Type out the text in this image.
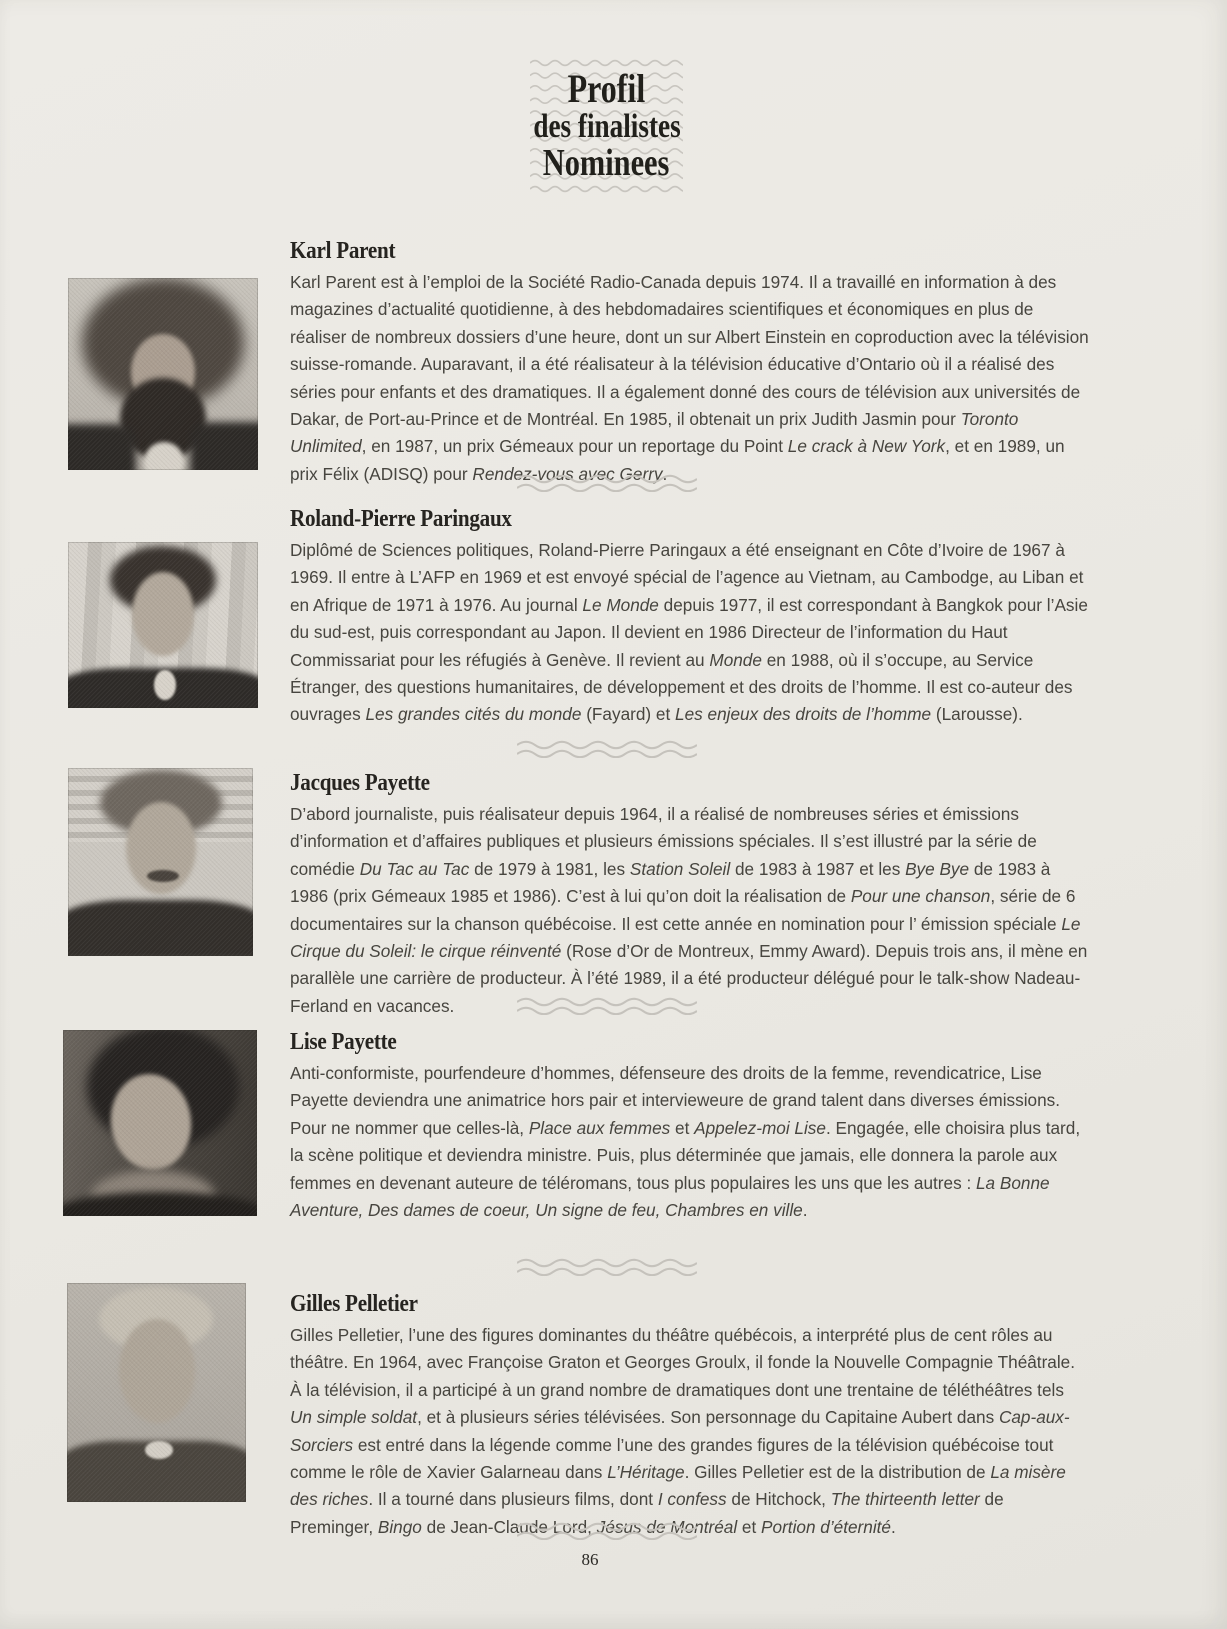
Profil
des finalistes
Nominees
Karl Parent

Karl Parent est à l’emploi de la Société Radio-Canada depuis 1974. Il a travaillé en information à des magazines d’actualité quotidienne, à des hebdomadaires scientifiques et économiques en plus de réaliser de nombreux dossiers d’une heure, dont un sur Albert Einstein en coproduction avec la télévision suisse-romande. Auparavant, il a été réalisateur à la télévision éducative d’Ontario où il a réalisé des séries pour enfants et des dramatiques. Il a également donné des cours de télévision aux universités de Dakar, de Port-au-Prince et de Montréal. En 1985, il obtenait un prix Judith Jasmin pour Toronto Unlimited, en 1987, un prix Gémeaux pour un reportage du Point Le crack à New York, et en 1989, un prix Félix (ADISQ) pour Rendez-vous avec Gerry.

Roland-Pierre Paringaux

Diplômé de Sciences politiques, Roland-Pierre Paringaux a été enseignant en Côte d’Ivoire de 1967 à 1969. Il entre à L’AFP en 1969 et est envoyé spécial de l’agence au Vietnam, au Cambodge, au Liban et en Afrique de 1971 à 1976. Au journal Le Monde depuis 1977, il est correspondant à Bangkok pour l’Asie du sud-est, puis correspondant au Japon. Il devient en 1986 Directeur de l’information du Haut Commissariat pour les réfugiés à Genève. Il revient au Monde en 1988, où il s’occupe, au Service Étranger, des questions humanitaires, de développement et des droits de l’homme. Il est co-auteur des ouvrages Les grandes cités du monde (Fayard) et Les enjeux des droits de l’homme (Larousse).

Jacques Payette

D’abord journaliste, puis réalisateur depuis 1964, il a réalisé de nombreuses séries et émissions d’information et d’affaires publiques et plusieurs émissions spéciales. Il s’est illustré par la série de comédie Du Tac au Tac de 1979 à 1981, les Station Soleil de 1983 à 1987 et les Bye Bye de 1983 à 1986 (prix Gémeaux 1985 et 1986). C’est à lui qu’on doit la réalisation de Pour une chanson, série de 6 documentaires sur la chanson québécoise. Il est cette année en nomination pour l’ émission spéciale Le Cirque du Soleil: le cirque réinventé (Rose d’Or de Montreux, Emmy Award). Depuis trois ans, il mène en parallèle une carrière de producteur. À l’été 1989, il a été producteur délégué pour le talk-show Nadeau-Ferland en vacances.

Lise Payette

Anti-conformiste, pourfendeure d’hommes, défenseure des droits de la femme, revendicatrice, Lise Payette deviendra une animatrice hors pair et intervieweure de grand talent dans diverses émissions. Pour ne nommer que celles-là, Place aux femmes et Appelez-moi Lise. Engagée, elle choisira plus tard, la scène politique et deviendra ministre. Puis, plus déterminée que jamais, elle donnera la parole aux femmes en devenant auteure de téléromans, tous plus populaires les uns que les autres : La Bonne Aventure, Des dames de coeur, Un signe de feu, Chambres en ville.

Gilles Pelletier

Gilles Pelletier, l’une des figures dominantes du théâtre québécois, a interprété plus de cent rôles au théâtre. En 1964, avec Françoise Graton et Georges Groulx, il fonde la Nouvelle Compagnie Théâtrale. À la télévision, il a participé à un grand nombre de dramatiques dont une trentaine de téléthéâtres tels Un simple soldat, et à plusieurs séries télévisées. Son personnage du Capitaine Aubert dans Cap-aux-Sorciers est entré dans la légende comme l’une des grandes figures de la télévision québécoise tout comme le rôle de Xavier Galarneau dans L’Héritage. Gilles Pelletier est de la distribution de La misère des riches. Il a tourné dans plusieurs films, dont I confess de Hitchock, The thirteenth letter de Preminger, Bingo de Jean-Claude Lord, Jésus de Montréal et Portion d’éternité.

86
